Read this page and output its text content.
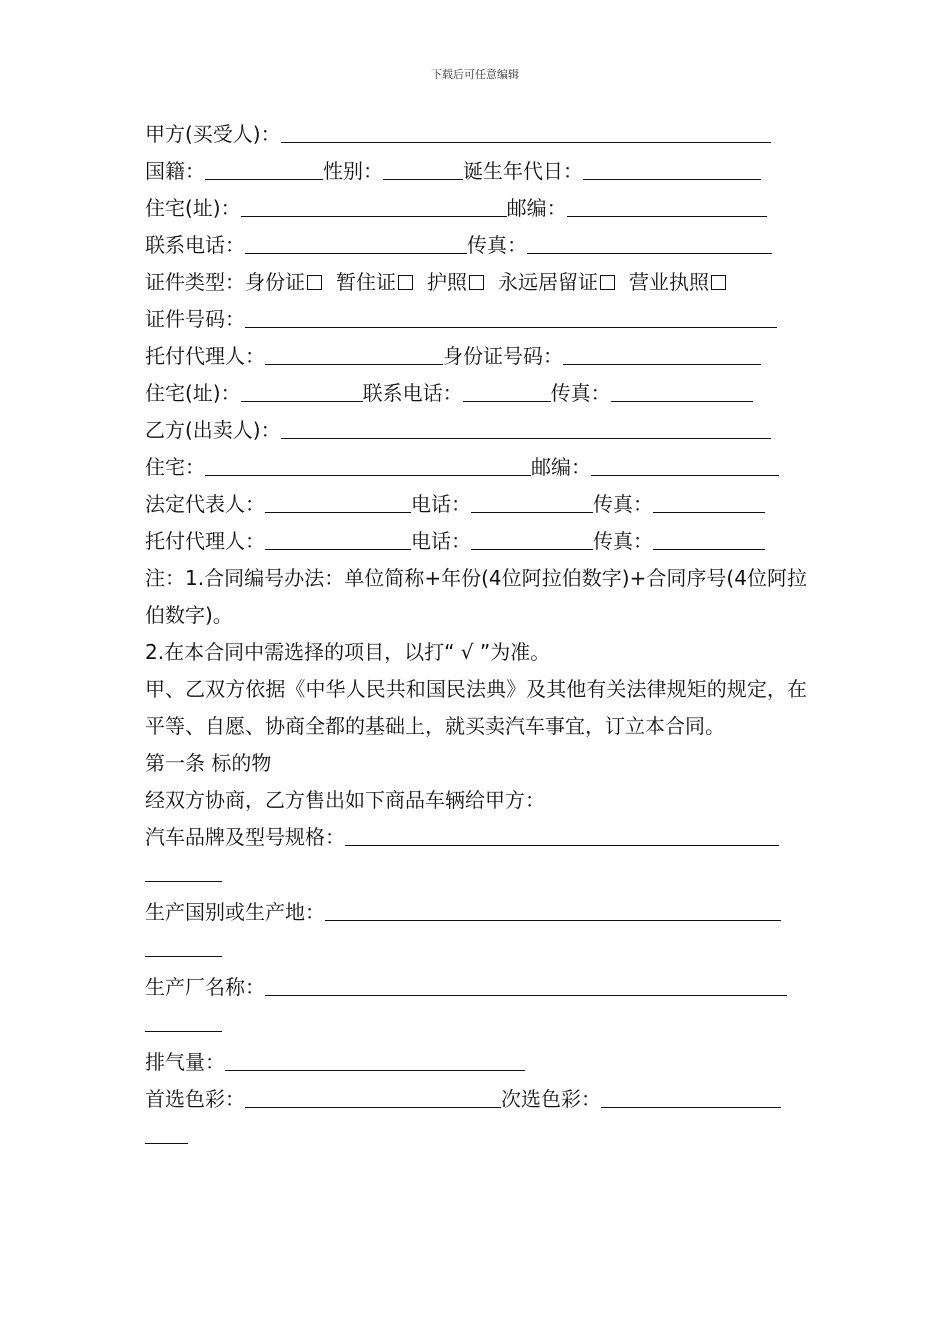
下载后可任意编辑
甲方(买受人)：
国籍：	性别：	诞生年代日：
住宅(址)：	邮编：
联系电话：	传真：
证件类型：身份证 暂住证 护照 永远居留证 营业执照
证件号码：
托付代理人：	身份证号码：
住宅(址)：	联系电话：	传真：
乙方(出卖人)：
住宅：	邮编：
法定代表人：	电话：	传真：
托付代理人：	电话：	传真：
注：1.合同编号办法：单位简称+年份(4位阿拉伯数字)+合同序号(4位阿拉伯数字)。
2.在本合同中需选择的项目，以打“ √ ”为准。
甲、乙双方依据《中华人民共和国民法典》及其他有关法律规矩的规定，在平等、自愿、协商全都的基础上，就买卖汽车事宜，订立本合同。
第一条 标的物
经双方协商，乙方售出如下商品车辆给甲方：
汽车品牌及型号规格：
生产国别或生产地：
生产厂名称：
排气量：
首选色彩：	次选色彩：
